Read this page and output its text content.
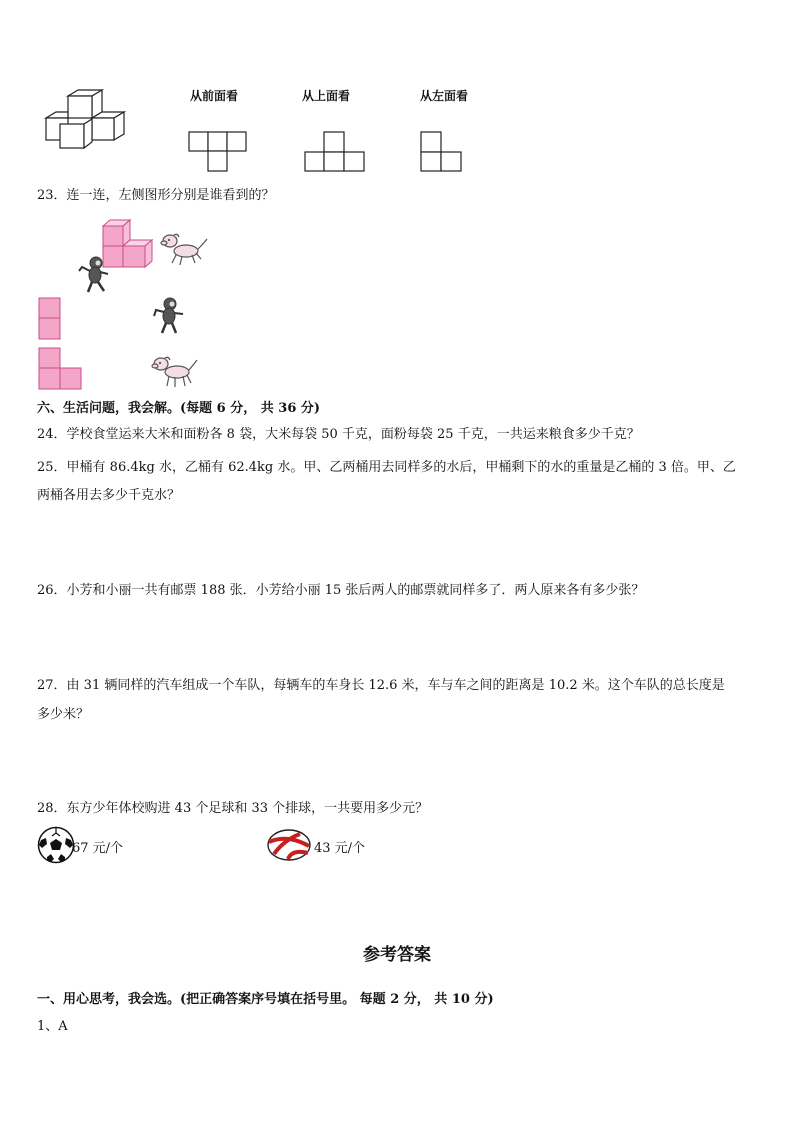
从前面看	从上面看	从左面看
23．连一连，左侧图形分别是谁看到的？
六、生活问题，我会解。(每题 6 分， 共 36 分)
24．学校食堂运来大米和面粉各 8 袋，大米每袋 50 千克，面粉每袋 25 千克，一共运来粮食多少千克？
25．甲桶有 86.4kg 水，乙桶有 62.4kg 水。甲、乙两桶用去同样多的水后，甲桶剩下的水的重量是乙桶的 3 倍。甲、乙
两桶各用去多少千克水？
26．小芳和小丽一共有邮票 188 张．小芳给小丽 15 张后两人的邮票就同样多了．两人原来各有多少张？
27．由 31 辆同样的汽车组成一个车队，每辆车的车身长 12.6 米，车与车之间的距离是 10.2 米。这个车队的总长度是
多少米？
28．东方少年体校购进 43 个足球和 33 个排球，一共要用多少元？
67 元/个	43 元/个
参考答案
一、用心思考，我会选。(把正确答案序号填在括号里。 每题 2 分， 共 10 分)
1、A
